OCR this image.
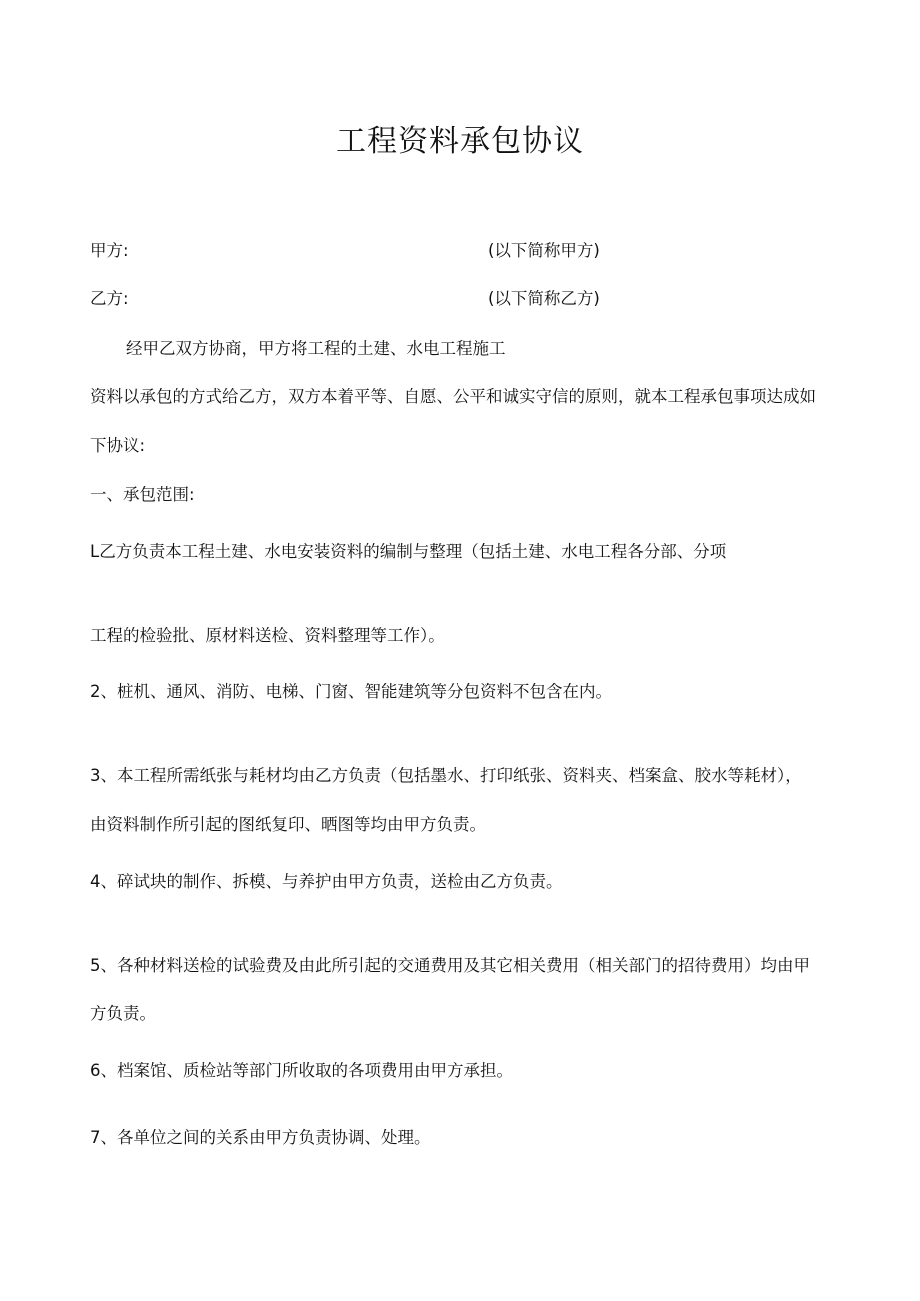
工程资料承包协议

甲方:	(以下简称甲方)

乙方:	(以下简称乙方)

经甲乙双方协商，甲方将工程的土建、水电工程施工

资料以承包的方式给乙方，双方本着平等、自愿、公平和诚实守信的原则，就本工程承包事项达成如

下协议:

一、承包范围:

L乙方负责本工程土建、水电安装资料的编制与整理（包括土建、水电工程各分部、分项

工程的检验批、原材料送检、资料整理等工作）。

2、桩机、通风、消防、电梯、门窗、智能建筑等分包资料不包含在内。

3、本工程所需纸张与耗材均由乙方负责（包括墨水、打印纸张、资料夹、档案盒、胶水等耗材），

由资料制作所引起的图纸复印、晒图等均由甲方负责。

4、碎试块的制作、拆模、与养护由甲方负责，送检由乙方负责。

5、各种材料送检的试验费及由此所引起的交通费用及其它相关费用（相关部门的招待费用）均由甲

方负责。

6、档案馆、质检站等部门所收取的各项费用由甲方承担。

7、各单位之间的关系由甲方负责协调、处理。
